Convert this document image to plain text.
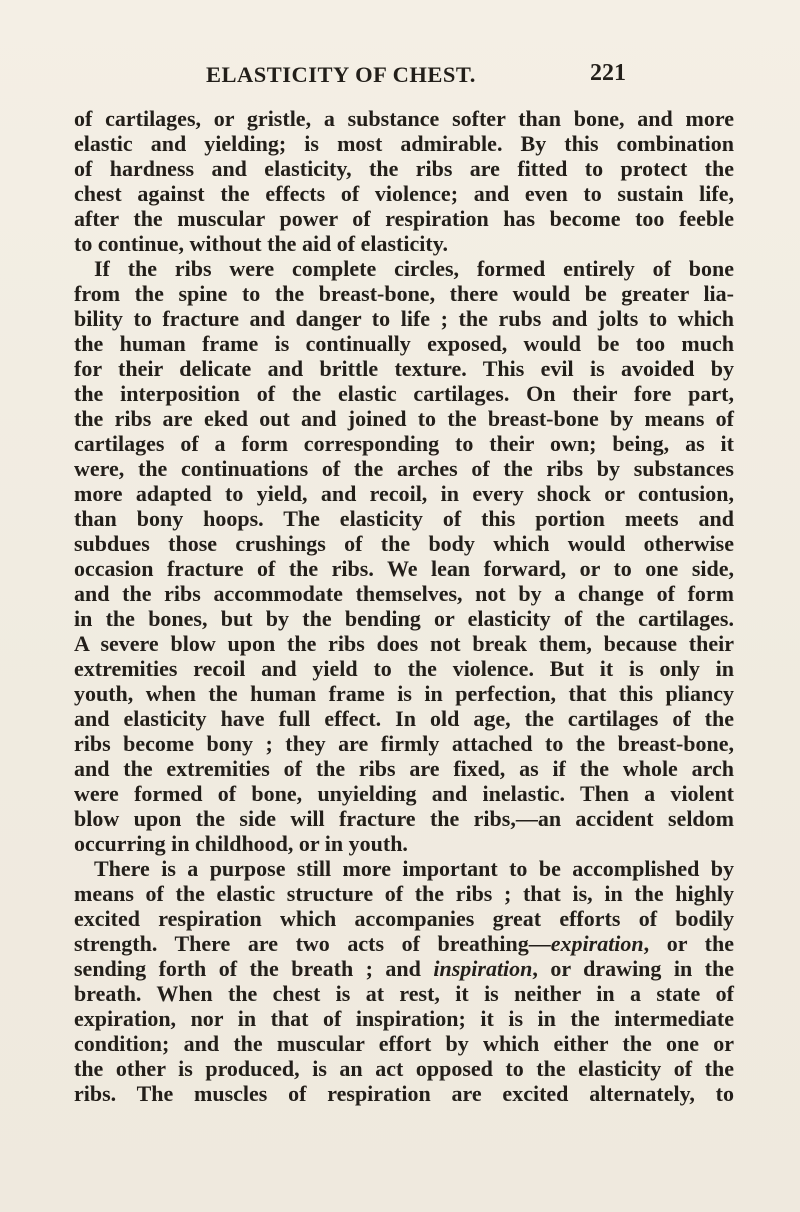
ELASTICITY OF CHEST.	221

of cartilages, or gristle, a substance softer than bone, and more
elastic and yielding; is most admirable. By this combination
of hardness and elasticity, the ribs are fitted to protect the
chest against the effects of violence; and even to sustain life,
after the muscular power of respiration has become too feeble
to continue, without the aid of elasticity.

If the ribs were complete circles, formed entirely of bone
from the spine to the breast-bone, there would be greater lia-
bility to fracture and danger to life ; the rubs and jolts to which
the human frame is continually exposed, would be too much
for their delicate and brittle texture. This evil is avoided by
the interposition of the elastic cartilages. On their fore part,
the ribs are eked out and joined to the breast-bone by means of
cartilages of a form corresponding to their own; being, as it
were, the continuations of the arches of the ribs by substances
more adapted to yield, and recoil, in every shock or contusion,
than bony hoops. The elasticity of this portion meets and
subdues those crushings of the body which would otherwise
occasion fracture of the ribs. We lean forward, or to one side,
and the ribs accommodate themselves, not by a change of form
in the bones, but by the bending or elasticity of the cartilages.
A severe blow upon the ribs does not break them, because their
extremities recoil and yield to the violence. But it is only in
youth, when the human frame is in perfection, that this pliancy
and elasticity have full effect. In old age, the cartilages of the
ribs become bony ; they are firmly attached to the breast-bone,
and the extremities of the ribs are fixed, as if the whole arch
were formed of bone, unyielding and inelastic. Then a violent
blow upon the side will fracture the ribs,—an accident seldom
occurring in childhood, or in youth.

There is a purpose still more important to be accomplished by
means of the elastic structure of the ribs ; that is, in the highly
excited respiration which accompanies great efforts of bodily
strength. There are two acts of breathing—expiration, or the
sending forth of the breath ; and inspiration, or drawing in the
breath. When the chest is at rest, it is neither in a state of
expiration, nor in that of inspiration; it is in the intermediate
condition; and the muscular effort by which either the one or
the other is produced, is an act opposed to the elasticity of the
ribs. The muscles of respiration are excited alternately, to
